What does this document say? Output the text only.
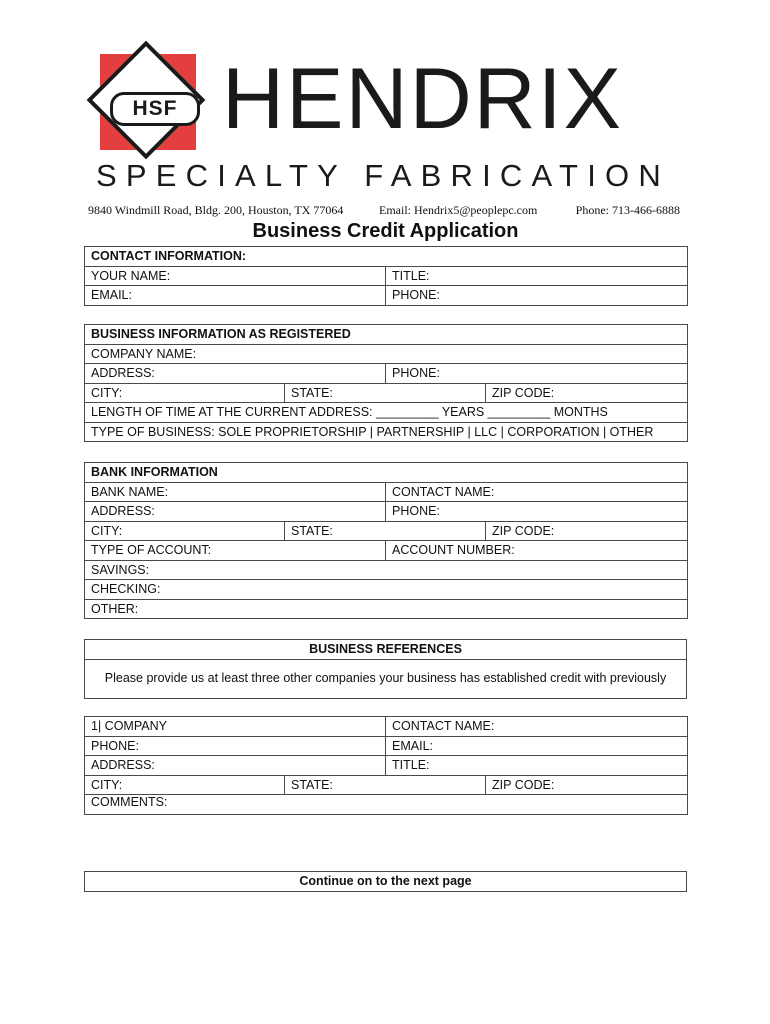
HSF HENDRIX
SPECIALTY FABRICATION
9840 Windmill Road, Bldg. 200, Houston, TX 77064	Email: Hendrix5@peoplepc.com	Phone: 713-466-6888
Business Credit Application
CONTACT INFORMATION:	
YOUR NAME:	TITLE:
EMAIL:	PHONE:
BUSINESS INFORMATION AS REGISTERED			
COMPANY NAME:			
ADDRESS:		PHONE:	
CITY:	STATE:		ZIP CODE:
LENGTH OF TIME AT THE CURRENT ADDRESS: _________ YEARS _________ MONTHS			
TYPE OF BUSINESS: SOLE PROPRIETORSHIP | PARTNERSHIP | LLC | CORPORATION | OTHER			
BANK INFORMATION			
BANK NAME:		CONTACT NAME:	
ADDRESS:		PHONE:	
CITY:	STATE:		ZIP CODE:
TYPE OF ACCOUNT:		ACCOUNT NUMBER:	
SAVINGS:			
CHECKING:			
OTHER:			
BUSINESS REFERENCES
Please provide us at least three other companies your business has established credit with previously
1| COMPANY		CONTACT NAME:	
PHONE:		EMAIL:	
ADDRESS:		TITLE:	
CITY:	STATE:		ZIP CODE:
COMMENTS:			
Continue on to the next page
